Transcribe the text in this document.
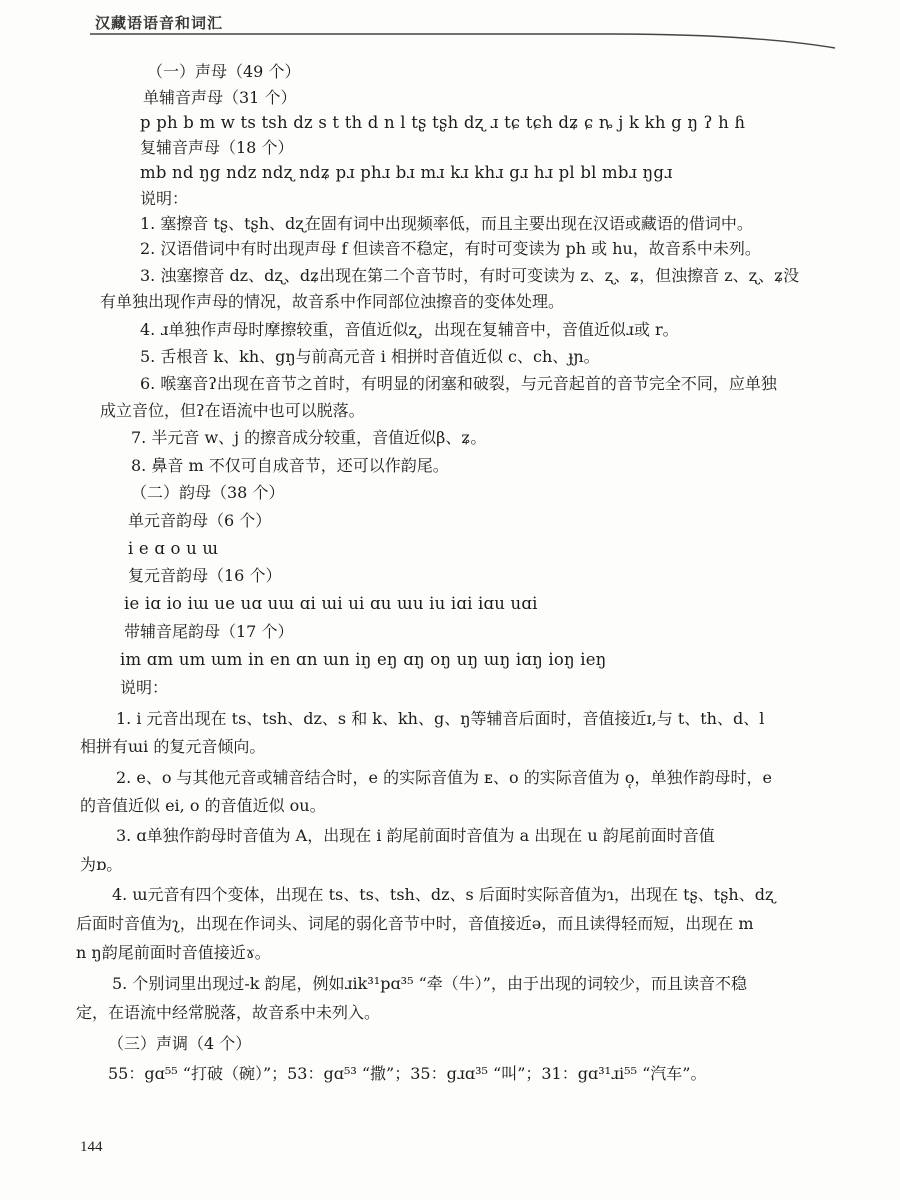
汉藏语语音和词汇
（一）声母（49 个）
单辅音声母（31 个）
p ph b m w ts tsh dz s t th d n l tʂ tʂh dʐ ɹ tɕ tɕh dʑ ɕ ȵ j k kh g ŋ ʔ h ɦ
复辅音声母（18 个）
mb nd ŋg ndz ndʐ ndʑ pɹ phɹ bɹ mɹ kɹ khɹ gɹ hɹ pl bl mbɹ ŋgɹ
说明：
1. 塞擦音 tʂ、tʂh、dʐ在固有词中出现频率低，而且主要出现在汉语或藏语的借词中。
2. 汉语借词中有时出现声母 f 但读音不稳定，有时可变读为 ph 或 hu，故音系中未列。
3. 浊塞擦音 dz、dʐ、dʑ出现在第二个音节时，有时可变读为 z、ʐ、ʑ，但浊擦音 z、ʐ、ʑ没
有单独出现作声母的情况，故音系中作同部位浊擦音的变体处理。
4. ɹ单独作声母时摩擦较重，音值近似ʐ，出现在复辅音中，音值近似ɹ或 r。
5. 舌根音 k、kh、gŋ与前高元音 i 相拼时音值近似 c、ch、ɟɲ。
6. 喉塞音ʔ出现在音节之首时，有明显的闭塞和破裂，与元音起首的音节完全不同，应单独
成立音位，但ʔ在语流中也可以脱落。
7. 半元音 w、j 的擦音成分较重，音值近似β、ʑ。
8. 鼻音 m 不仅可自成音节，还可以作韵尾。
（二）韵母（38 个）
单元音韵母（6 个）
i e ɑ o u ɯ
复元音韵母（16 个）
ie iɑ io iɯ ue uɑ uɯ ɑi ɯi ui ɑu ɯu iu iɑi iɑu uɑi
带辅音尾韵母（17 个）
im ɑm um ɯm in en ɑn ɯn iŋ eŋ ɑŋ oŋ uŋ ɯŋ iɑŋ ioŋ ieŋ
说明：
1. i 元音出现在 ts、tsh、dz、s 和 k、kh、g、ŋ等辅音后面时，音值接近ɪ,与 t、th、d、l
相拼有ɯi 的复元音倾向。
2. e、o 与其他元音或辅音结合时，e 的实际音值为 ᴇ、o 的实际音值为 o̜，单独作韵母时，e
的音值近似 ei, o 的音值近似 ou。
3. ɑ单独作韵母时音值为 A，出现在 i 韵尾前面时音值为 a 出现在 u 韵尾前面时音值
为ɒ。
4. ɯ元音有四个变体，出现在 ts、ts、tsh、dz、s 后面时实际音值为ɿ，出现在 tʂ、tʂh、dʐ
后面时音值为ʅ，出现在作词头、词尾的弱化音节中时，音值接近ə，而且读得轻而短，出现在 m
n ŋ韵尾前面时音值接近ɤ。
5. 个别词里出现过-k 韵尾，例如ɹik³¹pɑ³⁵ “牵（牛）”，由于出现的词较少，而且读音不稳
定，在语流中经常脱落，故音系中未列入。
（三）声调（4 个）
55：gɑ⁵⁵ “打破（碗）”；53：gɑ⁵³ “撒”；35：gɹɑ³⁵ “叫”；31：gɑ³¹ɹi⁵⁵ “汽车”。
144
